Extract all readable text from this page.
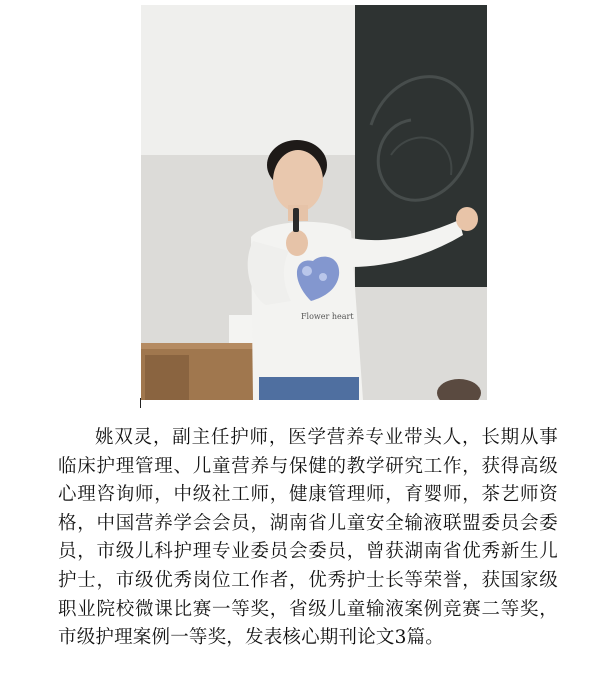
Flower heart

姚双灵，副主任护师，医学营养专业带头人，长期从事临床护理管理、儿童营养与保健的教学研究工作，获得高级心理咨询师，中级社工师，健康管理师，育婴师，茶艺师资格，中国营养学会会员，湖南省儿童安全输液联盟委员会委员，市级儿科护理专业委员会委员，曾获湖南省优秀新生儿护士，市级优秀岗位工作者，优秀护士长等荣誉，获国家级职业院校微课比赛一等奖，省级儿童输液案例竞赛二等奖，市级护理案例一等奖，发表核心期刊论文3篇。
